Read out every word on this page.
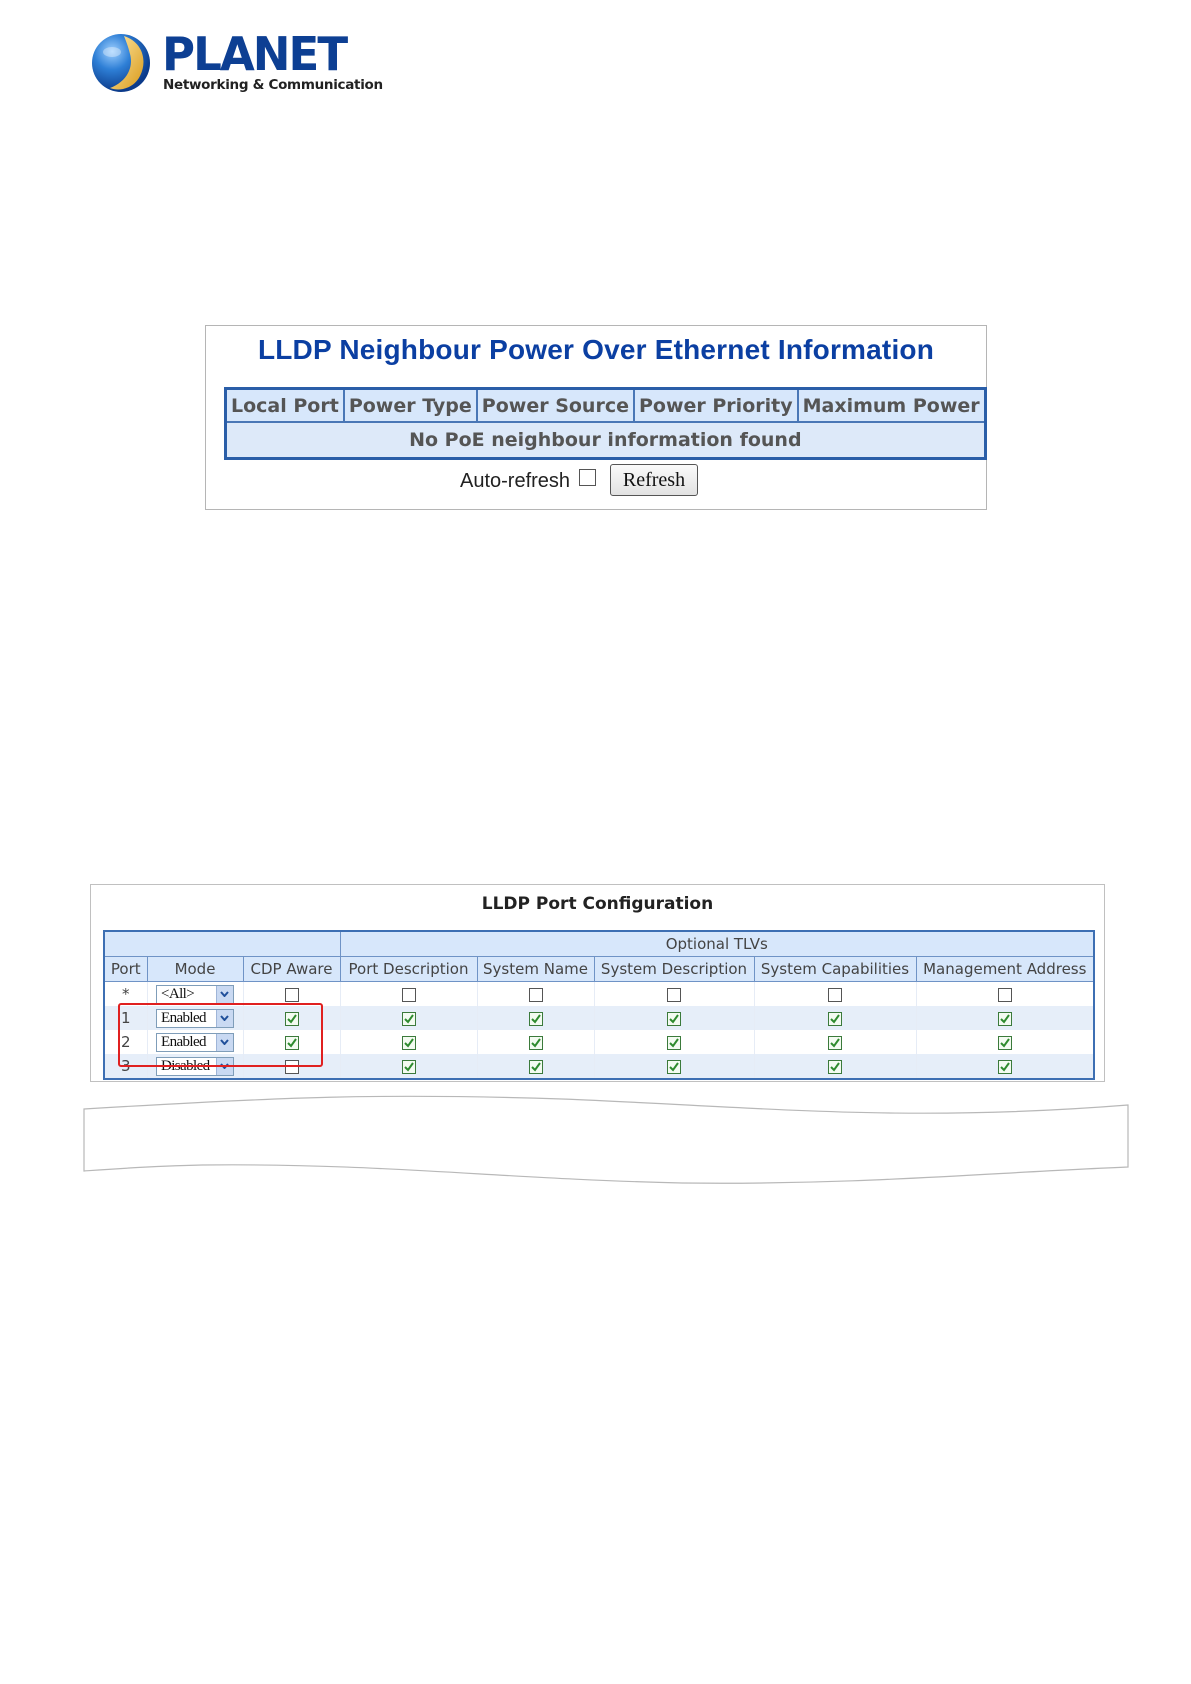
PLANET
Networking & Communication
LLDP Neighbour Power Over Ethernet Information
Local Port	Power Type	Power Source	Power Priority	Maximum Power
No PoE neighbour information found
Auto-refresh	Refresh
LLDP Port Configuration
			Optional TLVs				
Port	Mode	CDP Aware	Port Description	System Name	System Description	System Capabilities	Management Address
*	<All>

1	Enabled

2	Enabled

3	Disabled
